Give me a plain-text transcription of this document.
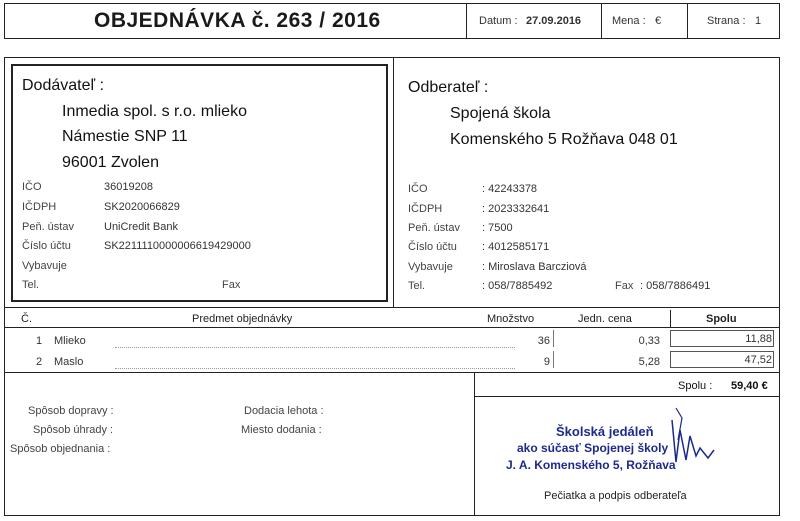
OBJEDNÁVKA č. 263 / 2016	Datum : 27.09.2016	Mena : €	Strana : 1
Dodávateľ :
Inmedia spol. s r.o. mlieko
Námestie SNP 11
96001 Zvolen
IČO	36019208
IČDPH	SK2020066829
Peň. ústav	UniCredit Bank
Číslo účtu	SK2211110000006619429000
Vybavuje
Tel.	Fax
Odberateľ :
Spojená škola
Komenského 5 Rožňava 048 01
IČO	: 42243378
IČDPH	: 2023332641
Peň. ústav : 7500
Číslo účtu : 4012585171
Vybavuje	: Miroslava Barcziová
Tel.	: 058/7885492	Fax : 058/7886491
Č.	Predmet objednávky	Množstvo	Jedn. cena	Spolu
1 Mlieko	36	0,33	11,88
2 Maslo	9	5,28	47,52
Spolu : 59,40 €
Spôsob dopravy :
Spôsob úhrady :
Spôsob objednania :
Dodacia lehota :
Miesto dodania :	Školská jedáleň
ako súčasť Spojenej školy
J. A. Komenského 5, Rožňava
Pečiatka a podpis odberateľa
